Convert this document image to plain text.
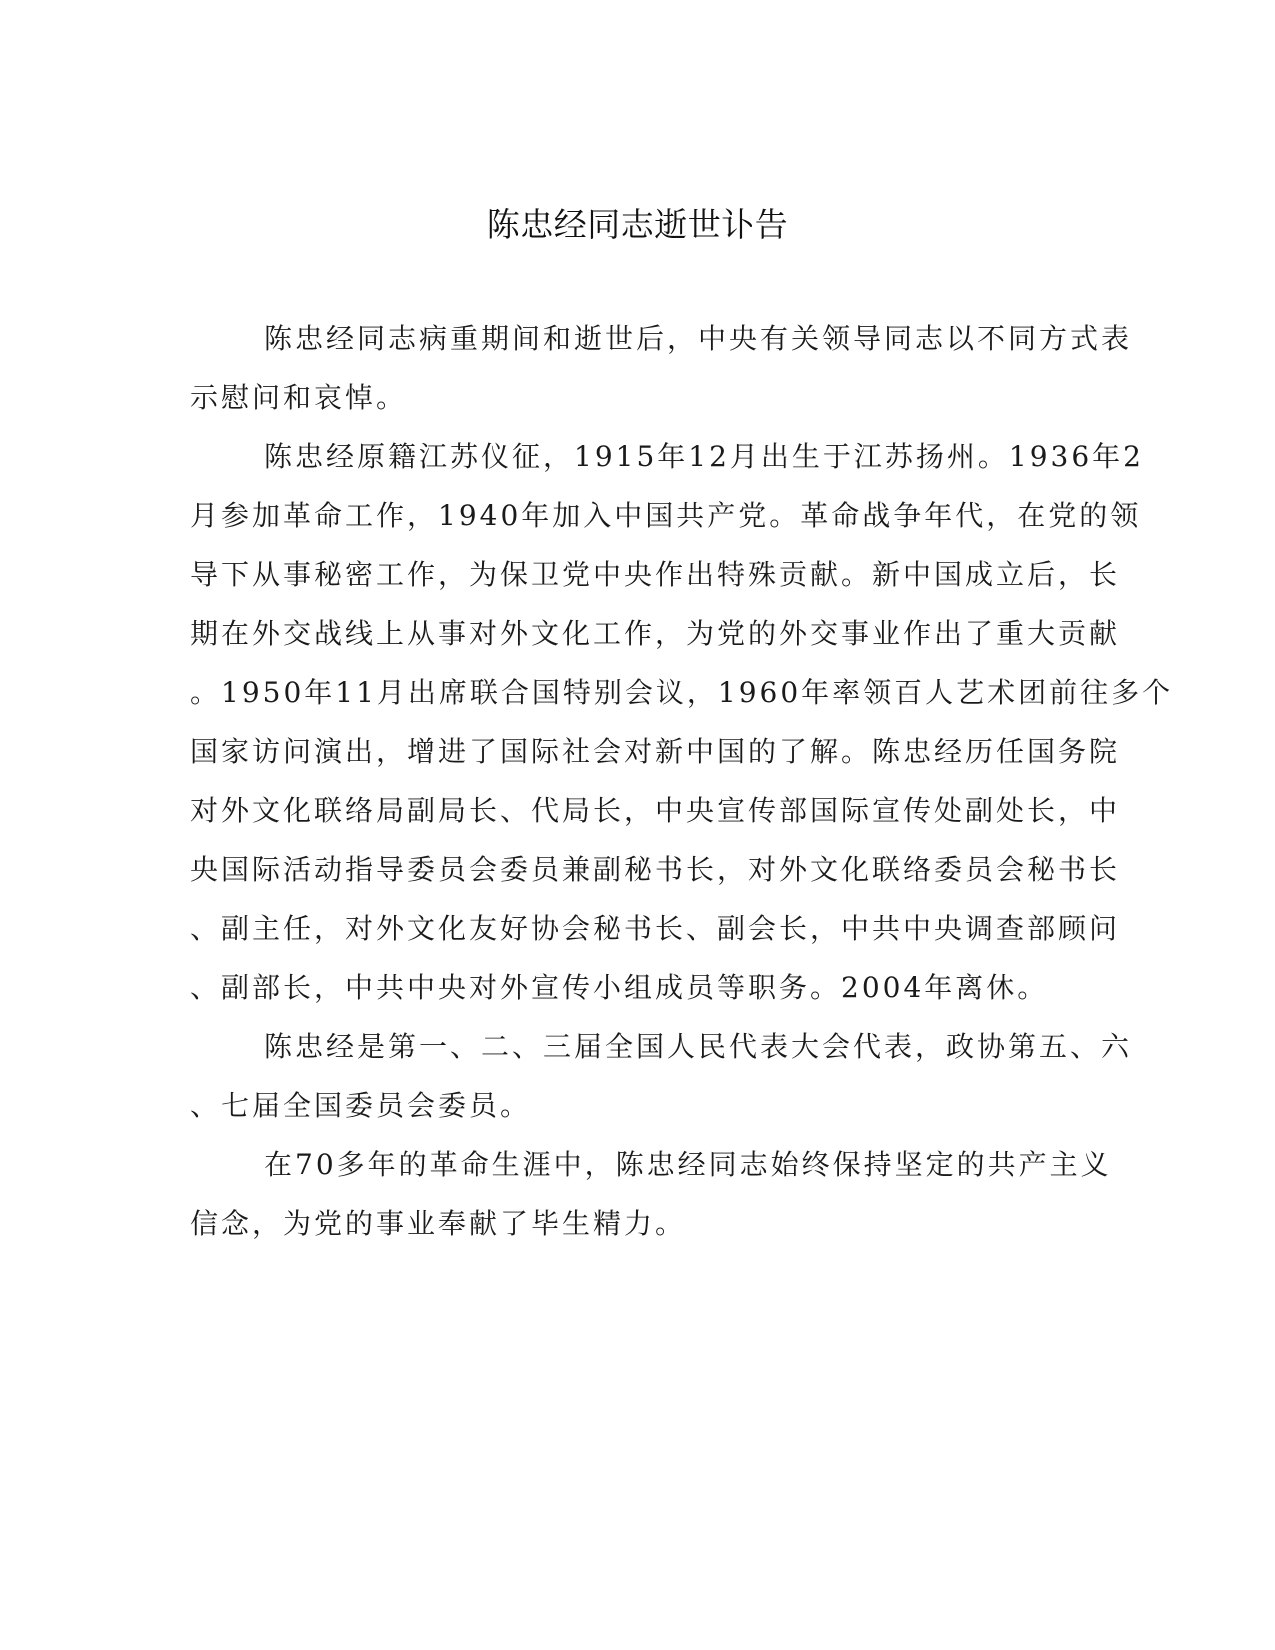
陈忠经同志逝世讣告

陈忠经同志病重期间和逝世后，中央有关领导同志以不同方式表

示慰问和哀悼。

陈忠经原籍江苏仪征，1915年12月出生于江苏扬州。1936年2

月参加革命工作，1940年加入中国共产党。革命战争年代，在党的领

导下从事秘密工作，为保卫党中央作出特殊贡献。新中国成立后，长

期在外交战线上从事对外文化工作，为党的外交事业作出了重大贡献

。1950年11月出席联合国特别会议，1960年率领百人艺术团前往多个

国家访问演出，增进了国际社会对新中国的了解。陈忠经历任国务院

对外文化联络局副局长、代局长，中央宣传部国际宣传处副处长，中

央国际活动指导委员会委员兼副秘书长，对外文化联络委员会秘书长

、副主任，对外文化友好协会秘书长、副会长，中共中央调查部顾问

、副部长，中共中央对外宣传小组成员等职务。2004年离休。

陈忠经是第一、二、三届全国人民代表大会代表，政协第五、六

、七届全国委员会委员。

在70多年的革命生涯中，陈忠经同志始终保持坚定的共产主义

信念，为党的事业奉献了毕生精力。
